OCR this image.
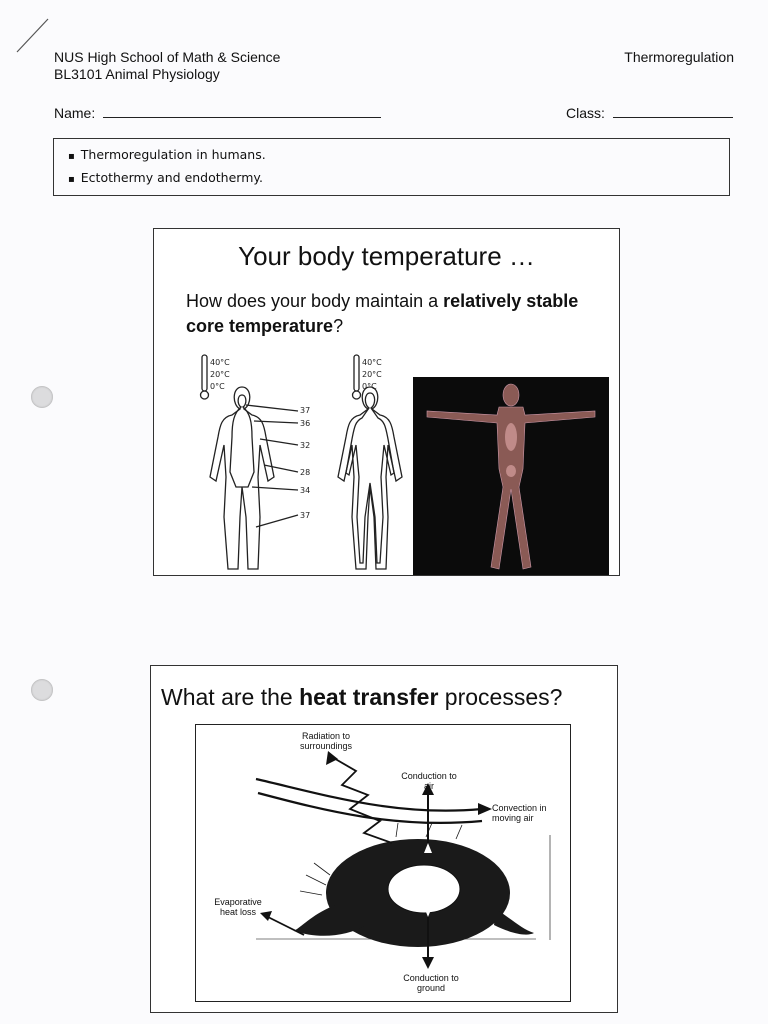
NUS High School of Math & Science
BL3101 Animal Physiology
Thermoregulation
Name:	Class:
▪ Thermoregulation in humans.
▪ Ectothermy and endothermy.
Your body temperature …
How does your body maintain a relatively stable core temperature?
40°C
20°C
0°C
40°C
20°C
0°C
37
36
32
28
34
37
What are the heat transfer processes?
Radiation to surroundings
Conduction to air
Convection in moving air
Evaporative heat loss
Conduction to ground
